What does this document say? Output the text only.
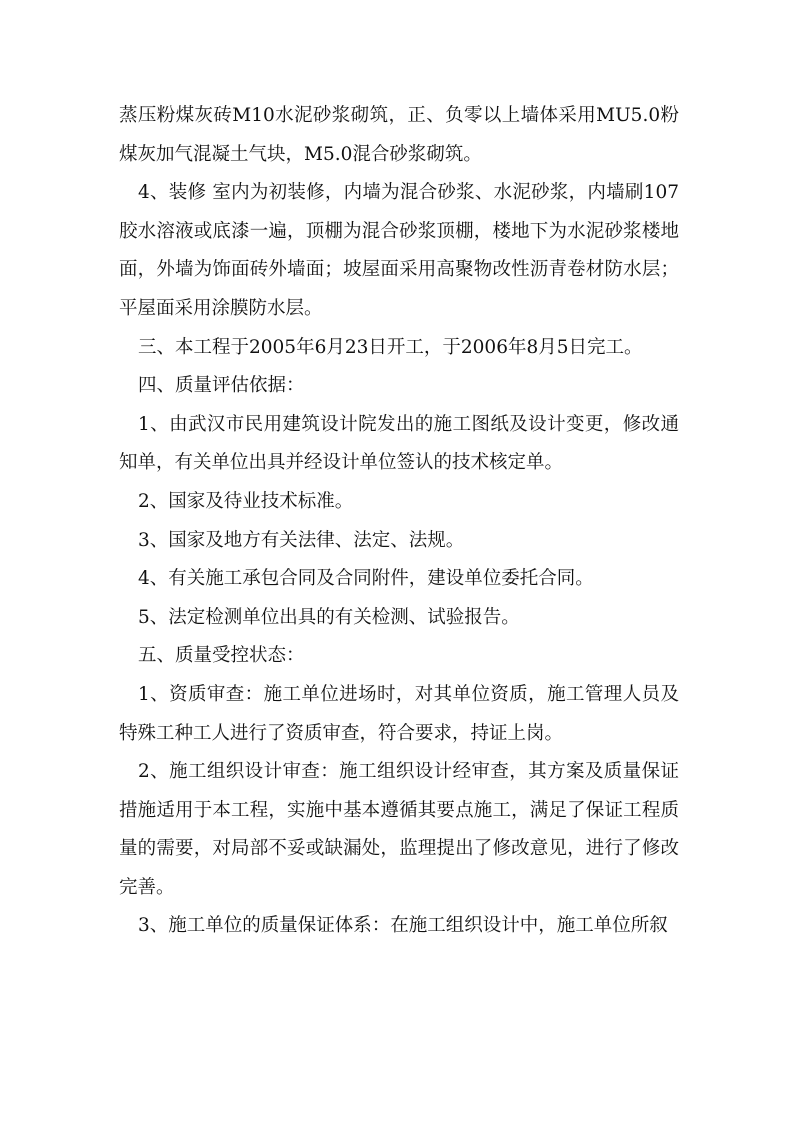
蒸压粉煤灰砖M10水泥砂浆砌筑，正、负零以上墙体采用MU5.0粉煤灰加气混凝土气块，M5.0混合砂浆砌筑。

4、装修 室内为初装修，内墙为混合砂浆、水泥砂浆，内墙刷107胶水溶液或底漆一遍，顶棚为混合砂浆顶棚，楼地下为水泥砂浆楼地面，外墙为饰面砖外墙面；坡屋面采用高聚物改性沥青卷材防水层；平屋面采用涂膜防水层。

三、本工程于2005年6月23日开工，于2006年8月5日完工。

四、质量评估依据：

1、由武汉市民用建筑设计院发出的施工图纸及设计变更，修改通知单，有关单位出具并经设计单位签认的技术核定单。

2、国家及待业技术标准。

3、国家及地方有关法律、法定、法规。

4、有关施工承包合同及合同附件，建设单位委托合同。

5、法定检测单位出具的有关检测、试验报告。

五、质量受控状态：

1、资质审查：施工单位进场时，对其单位资质，施工管理人员及特殊工种工人进行了资质审查，符合要求，持证上岗。

2、施工组织设计审查：施工组织设计经审查，其方案及质量保证措施适用于本工程，实施中基本遵循其要点施工，满足了保证工程质量的需要，对局部不妥或缺漏处，监理提出了修改意见，进行了修改完善。

3、施工单位的质量保证体系：在施工组织设计中，施工单位所叙
